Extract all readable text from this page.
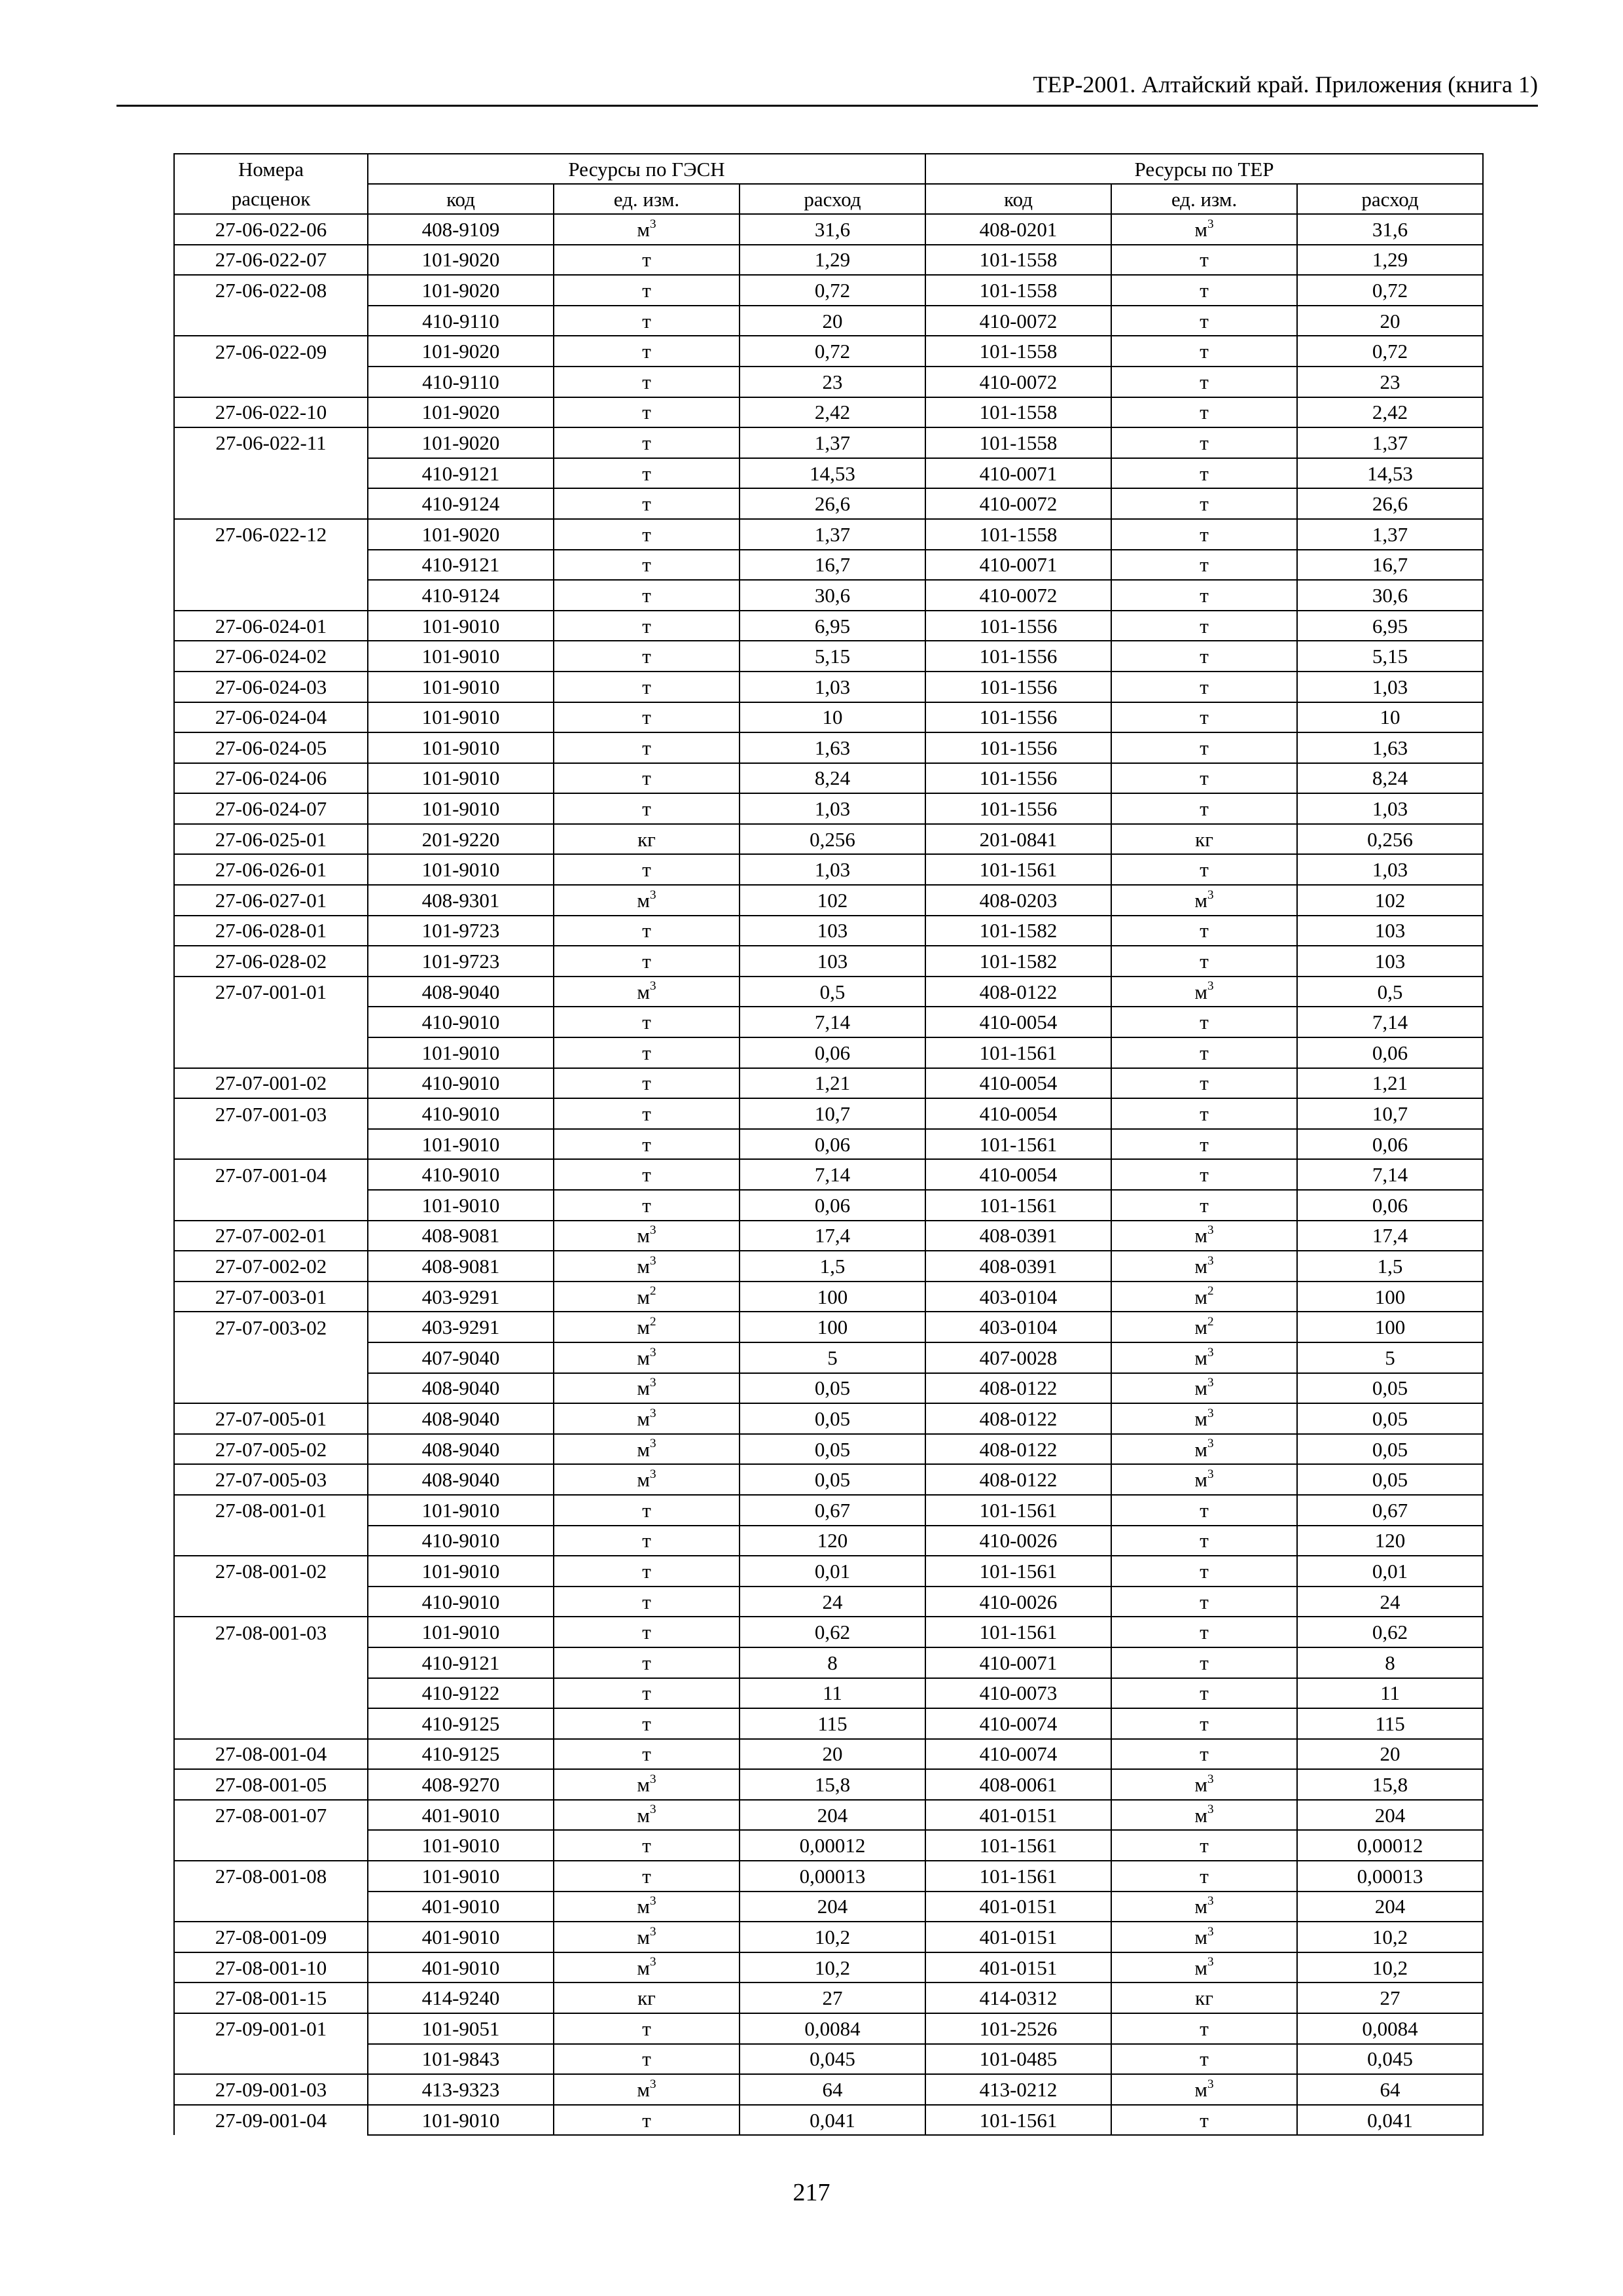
ТЕР-2001. Алтайский край. Приложения (книга 1)
Номера	Ресурсы по ГЭСН			Ресурсы по ТЕР		
расценок	код	ед. изм.	расход	код	ед. изм.	расход
27-06-022-06	408-9109	$м^3$	31,6	408-0201	$м^3$	31,6
27-06-022-07	101-9020	т	1,29	101-1558	т	1,29
27-06-022-08	101-9020	т	0,72	101-1558	т	0,72
	410-9110	т	20	410-0072	т	20
27-06-022-09	101-9020	т	0,72	101-1558	т	0,72
	410-9110	т	23	410-0072	т	23
27-06-022-10	101-9020	т	2,42	101-1558	т	2,42
27-06-022-11	101-9020	т	1,37	101-1558	т	1,37
	410-9121	т	14,53	410-0071	т	14,53
	410-9124	т	26,6	410-0072	т	26,6
27-06-022-12	101-9020	т	1,37	101-1558	т	1,37
	410-9121	т	16,7	410-0071	т	16,7
	410-9124	т	30,6	410-0072	т	30,6
27-06-024-01	101-9010	т	6,95	101-1556	т	6,95
27-06-024-02	101-9010	т	5,15	101-1556	т	5,15
27-06-024-03	101-9010	т	1,03	101-1556	т	1,03
27-06-024-04	101-9010	т	10	101-1556	т	10
27-06-024-05	101-9010	т	1,63	101-1556	т	1,63
27-06-024-06	101-9010	т	8,24	101-1556	т	8,24
27-06-024-07	101-9010	т	1,03	101-1556	т	1,03
27-06-025-01	201-9220	кг	0,256	201-0841	кг	0,256
27-06-026-01	101-9010	т	1,03	101-1561	т	1,03
27-06-027-01	408-9301	$м^3$	102	408-0203	$м^3$	102
27-06-028-01	101-9723	т	103	101-1582	т	103
27-06-028-02	101-9723	т	103	101-1582	т	103
27-07-001-01	408-9040	$м^3$	0,5	408-0122	$м^3$	0,5
	410-9010	т	7,14	410-0054	т	7,14
	101-9010	т	0,06	101-1561	т	0,06
27-07-001-02	410-9010	т	1,21	410-0054	т	1,21
27-07-001-03	410-9010	т	10,7	410-0054	т	10,7
	101-9010	т	0,06	101-1561	т	0,06
27-07-001-04	410-9010	т	7,14	410-0054	т	7,14
	101-9010	т	0,06	101-1561	т	0,06
27-07-002-01	408-9081	$м^3$	17,4	408-0391	$м^3$	17,4
27-07-002-02	408-9081	$м^3$	1,5	408-0391	$м^3$	1,5
27-07-003-01	403-9291	$м^2$	100	403-0104	$м^2$	100
27-07-003-02	403-9291	$м^2$	100	403-0104	$м^2$	100
	407-9040	$м^3$	5	407-0028	$м^3$	5
	408-9040	$м^3$	0,05	408-0122	$м^3$	0,05
27-07-005-01	408-9040	$м^3$	0,05	408-0122	$м^3$	0,05
27-07-005-02	408-9040	$м^3$	0,05	408-0122	$м^3$	0,05
27-07-005-03	408-9040	$м^3$	0,05	408-0122	$м^3$	0,05
27-08-001-01	101-9010	т	0,67	101-1561	т	0,67
	410-9010	т	120	410-0026	т	120
27-08-001-02	101-9010	т	0,01	101-1561	т	0,01
	410-9010	т	24	410-0026	т	24
27-08-001-03	101-9010	т	0,62	101-1561	т	0,62
	410-9121	т	8	410-0071	т	8
	410-9122	т	11	410-0073	т	11
	410-9125	т	115	410-0074	т	115
27-08-001-04	410-9125	т	20	410-0074	т	20
27-08-001-05	408-9270	$м^3$	15,8	408-0061	$м^3$	15,8
27-08-001-07	401-9010	$м^3$	204	401-0151	$м^3$	204
	101-9010	т	0,00012	101-1561	т	0,00012
27-08-001-08	101-9010	т	0,00013	101-1561	т	0,00013
	401-9010	$м^3$	204	401-0151	$м^3$	204
27-08-001-09	401-9010	$м^3$	10,2	401-0151	$м^3$	10,2
27-08-001-10	401-9010	$м^3$	10,2	401-0151	$м^3$	10,2
27-08-001-15	414-9240	кг	27	414-0312	кг	27
27-09-001-01	101-9051	т	0,0084	101-2526	т	0,0084
	101-9843	т	0,045	101-0485	т	0,045
27-09-001-03	413-9323	$м^3$	64	413-0212	$м^3$	64
27-09-001-04	101-9010	т	0,041	101-1561	т	0,041
217
